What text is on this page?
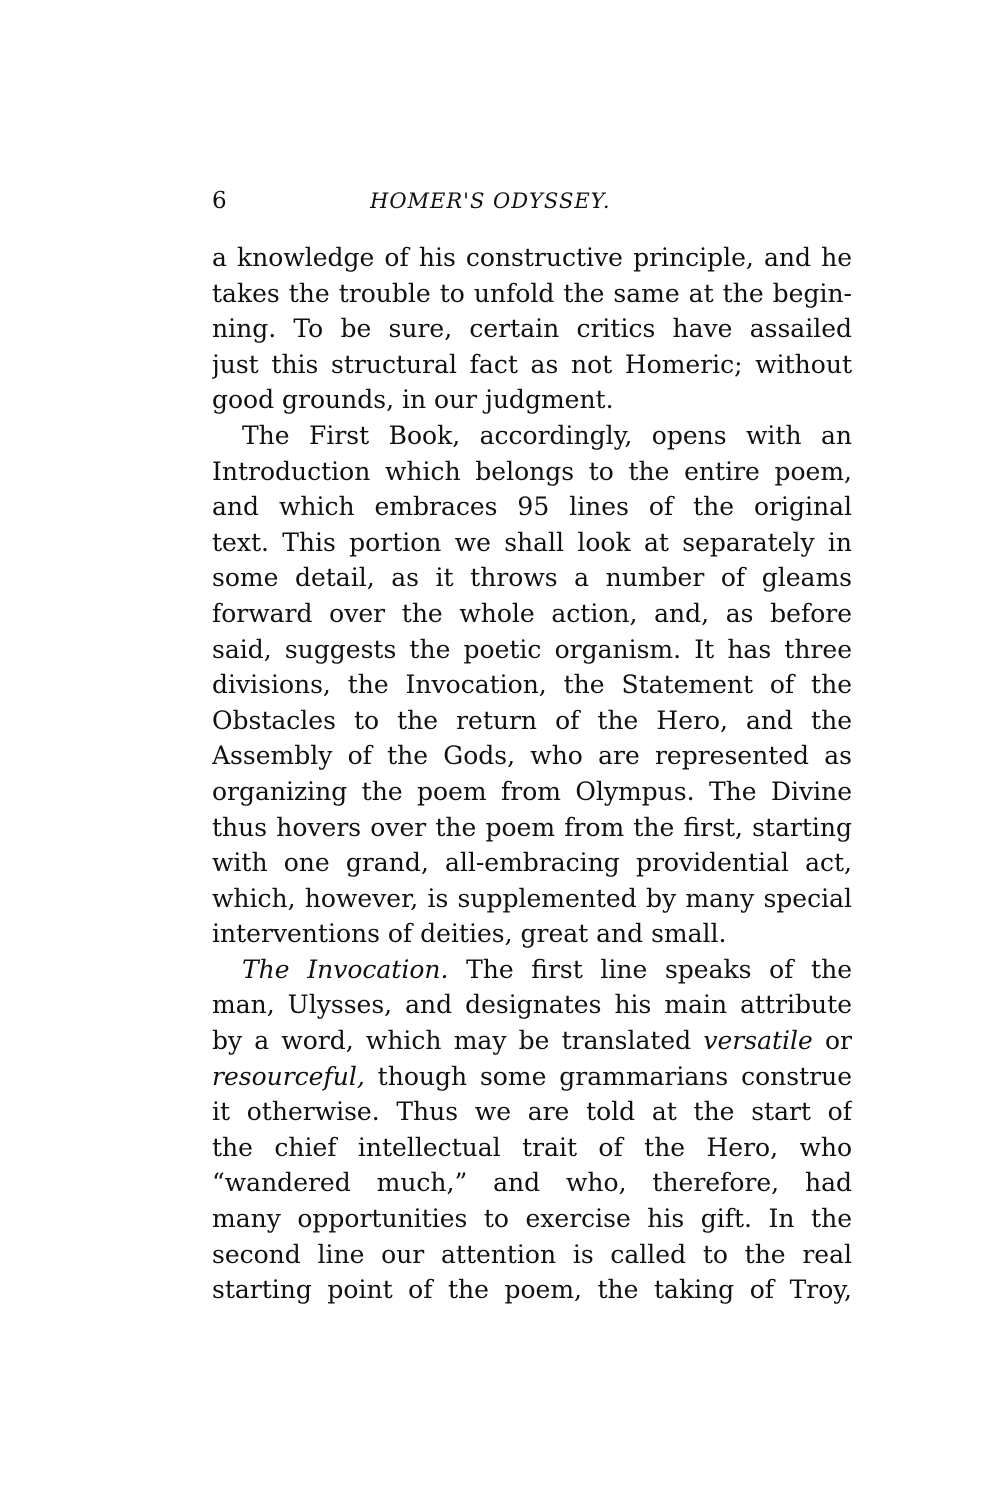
6	HOMER'S ODYSSEY.
a knowledge of his constructive principle, and he
takes the trouble to unfold the same at the begin-
ning. To be sure, certain critics have assailed
just this structural fact as not Homeric; without
good grounds, in our judgment.
The First Book, accordingly, opens with an
Introduction which belongs to the entire poem,
and which embraces 95 lines of the original
text. This portion we shall look at separately in
some detail, as it throws a number of gleams
forward over the whole action, and, as before
said, suggests the poetic organism. It has three
divisions, the Invocation, the Statement of the
Obstacles to the return of the Hero, and the
Assembly of the Gods, who are represented as
organizing the poem from Olympus. The Divine
thus hovers over the poem from the first, starting
with one grand, all-embracing providential act,
which, however, is supplemented by many special
interventions of deities, great and small.
The Invocation. The first line speaks of the
man, Ulysses, and designates his main attribute
by a word, which may be translated versatile or
resourceful, though some grammarians construe
it otherwise. Thus we are told at the start of
the chief intellectual trait of the Hero, who
“wandered much,” and who, therefore, had
many opportunities to exercise his gift. In the
second line our attention is called to the real
starting point of the poem, the taking of Troy,
